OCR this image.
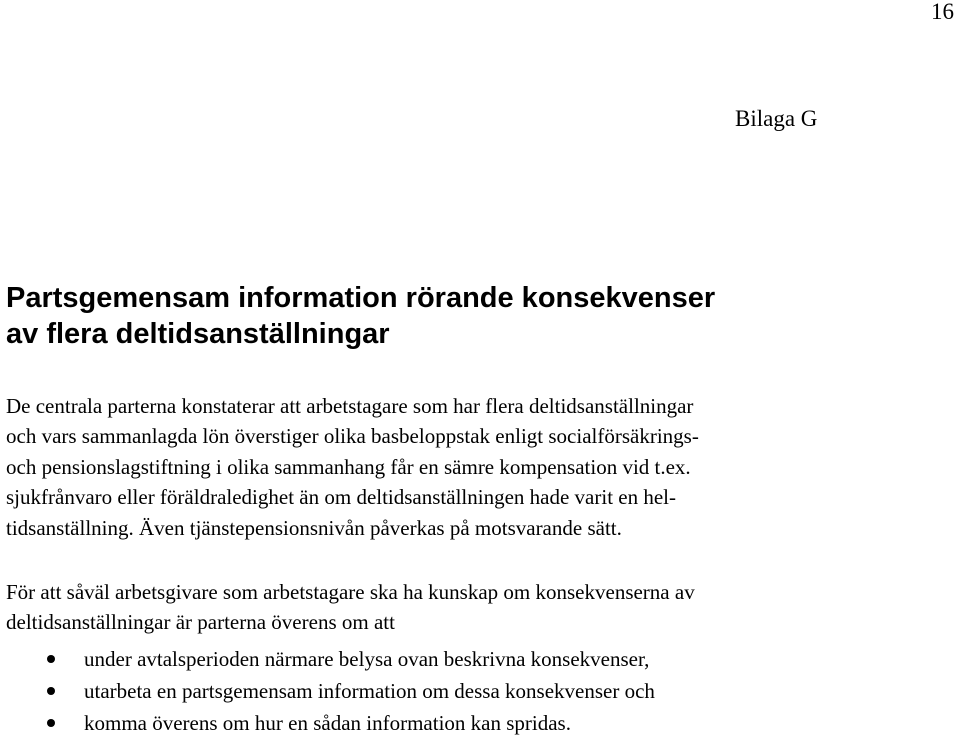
16
Bilaga G
Partsgemensam information rörande konsekvenser
av flera deltidsanställningar

De centrala parterna konstaterar att arbetstagare som har flera deltidsanställningar
och vars sammanlagda lön överstiger olika basbeloppstak enligt socialförsäkrings-
och pensionslagstiftning i olika sammanhang får en sämre kompensation vid t.ex.
sjukfrånvaro eller föräldraledighet än om deltidsanställningen hade varit en hel-
tidsanställning. Även tjänstepensionsnivån påverkas på motsvarande sätt.

För att såväl arbetsgivare som arbetstagare ska ha kunskap om konsekvenserna av
deltidsanställningar är parterna överens om att

under avtalsperioden närmare belysa ovan beskrivna konsekvenser,
utarbeta en partsgemensam information om dessa konsekvenser och
komma överens om hur en sådan information kan spridas.
